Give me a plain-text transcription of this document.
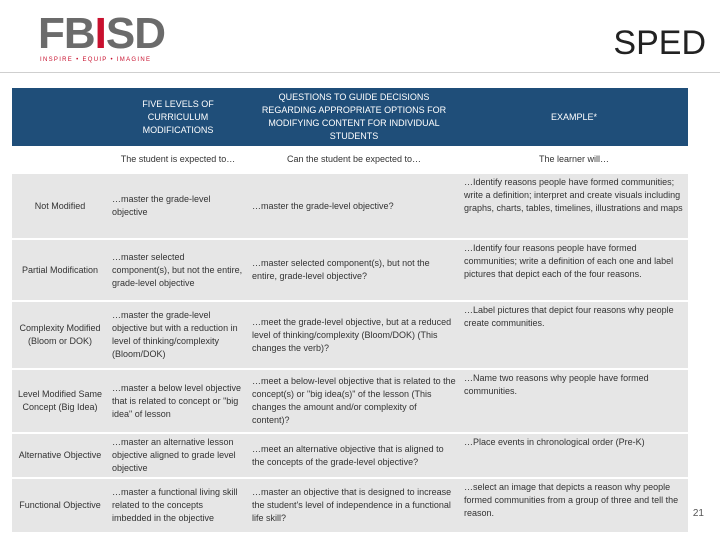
FBISD
INSPIRE • EQUIP • IMAGINE	SPED
	FIVE LEVELS OF CURRICULUM MODIFICATIONS	QUESTIONS TO GUIDE DECISIONS REGARDING APPROPRIATE OPTIONS FOR MODIFYING CONTENT FOR INDIVIDUAL STUDENTS	EXAMPLE*
	The student is expected to…	Can the student be expected to…	The learner will…
Not Modified	…master the grade-level objective	…master the grade-level objective?	…Identify reasons people have formed communities; write a definition; interpret and create visuals including graphs, charts, tables, timelines, illustrations and maps
Partial Modification	…master selected component(s), but not the entire, grade-level objective	…master selected component(s), but not the entire, grade-level objective?	…Identify four reasons people have formed communities; write a definition of each one and label pictures that depict each of the four reasons.
Complexity Modified (Bloom or DOK)	…master the grade-level objective but with a reduction in level of thinking/complexity (Bloom/DOK)	…meet the grade-level objective, but at a reduced level of thinking/complexity (Bloom/DOK) (This changes the verb)?	…Label pictures that depict four reasons why people create communities.
Level Modified Same Concept (Big Idea)	…master a below level objective that is related to concept or "big idea" of lesson	…meet a below-level objective that is related to the concept(s) or "big idea(s)" of the lesson (This changes the amount and/or complexity of content)?	…Name two reasons why people have formed communities.
Alternative Objective	…master an alternative lesson objective aligned to grade level objective	…meet an alternative objective that is aligned to the concepts of the grade-level objective?	…Place events in chronological order (Pre-K)
Functional Objective	…master a functional living skill related to the concepts imbedded in the objective	…master an objective that is designed to increase the student's level of independence in a functional life skill?	…select an image that depicts a reason why people formed communities from a group of three and tell the reason.	21
